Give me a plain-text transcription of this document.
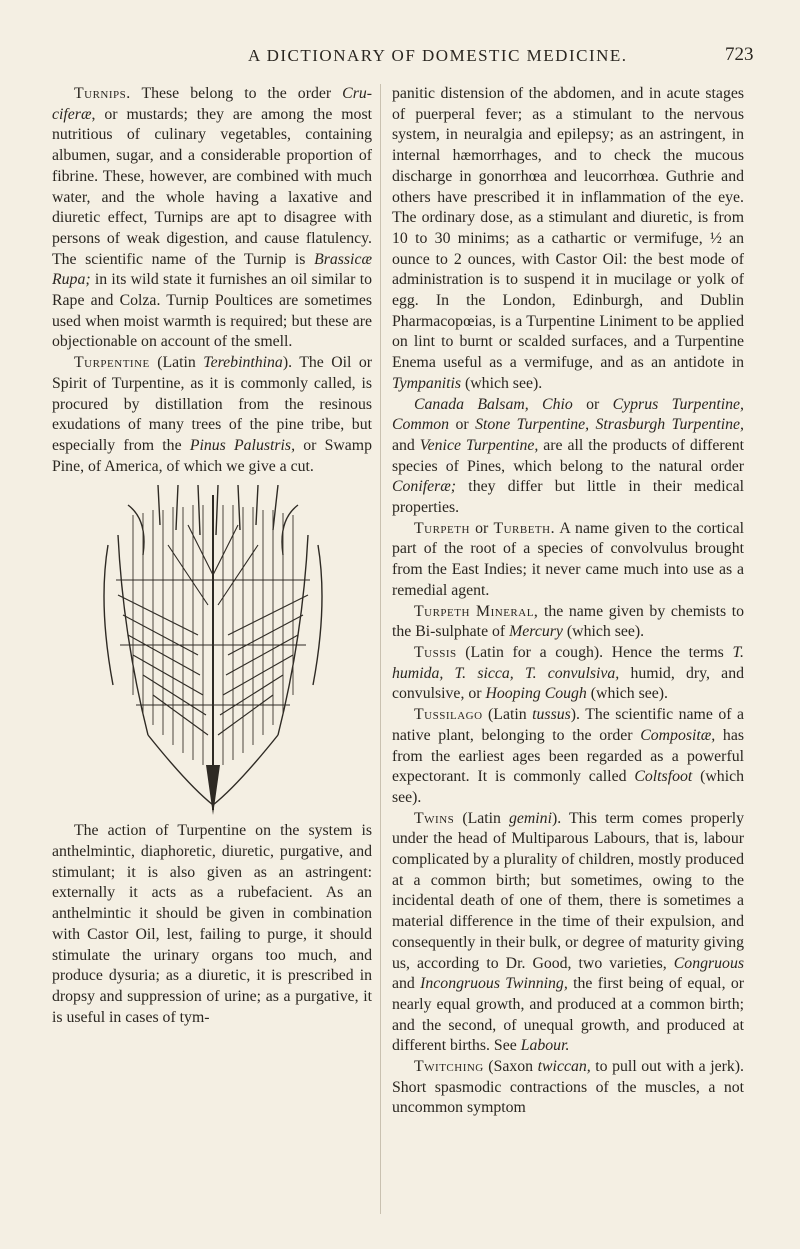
A DICTIONARY OF DOMESTIC MEDICINE.	723

Turnips. These belong to the order Cru-ciferæ, or mustards; they are among the most nutritious of culinary vegetables, containing albumen, sugar, and a considerable proportion of fibrine. These, however, are combined with much water, and the whole having a laxative and diuretic effect, Turnips are apt to disagree with persons of weak digestion, and cause flatulency. The scientific name of the Turnip is Brassicæ Rupa; in its wild state it furnishes an oil similar to Rape and Colza. Turnip Poultices are sometimes used when moist warmth is required; but these are objectionable on account of the smell.

Turpentine (Latin Terebinthina). The Oil or Spirit of Turpentine, as it is commonly called, is procured by distillation from the resinous exudations of many trees of the pine tribe, but especially from the Pinus Palustris, or Swamp Pine, of America, of which we give a cut.

The action of Turpentine on the system is anthelmintic, diaphoretic, diuretic, purgative, and stimulant; it is also given as an astringent: externally it acts as a rubefacient. As an anthelmintic it should be given in combination with Castor Oil, lest, failing to purge, it should stimulate the urinary organs too much, and produce dysuria; as a diuretic, it is prescribed in dropsy and suppression of urine; as a purgative, it is useful in cases of tym-

panitic distension of the abdomen, and in acute stages of puerperal fever; as a stimulant to the nervous system, in neuralgia and epilepsy; as an astringent, in internal hæmorrhages, and to check the mucous discharge in gonorrhœa and leucorrhœa. Guthrie and others have prescribed it in inflammation of the eye. The ordinary dose, as a stimulant and diuretic, is from 10 to 30 minims; as a cathartic or vermifuge, ½ an ounce to 2 ounces, with Castor Oil: the best mode of administration is to suspend it in mucilage or yolk of egg. In the London, Edinburgh, and Dublin Pharmacopœias, is a Turpentine Liniment to be applied on lint to burnt or scalded surfaces, and a Turpentine Enema useful as a vermifuge, and as an antidote in Tympanitis (which see).

Canada Balsam, Chio or Cyprus Turpentine, Common or Stone Turpentine, Strasburgh Turpentine, and Venice Turpentine, are all the products of different species of Pines, which belong to the natural order Coniferæ; they differ but little in their medical properties.

Turpeth or Turbeth. A name given to the cortical part of the root of a species of convolvulus brought from the East Indies; it never came much into use as a remedial agent.

Turpeth Mineral, the name given by chemists to the Bi-sulphate of Mercury (which see).

Tussis (Latin for a cough). Hence the terms T. humida, T. sicca, T. convulsiva, humid, dry, and convulsive, or Hooping Cough (which see).

Tussilago (Latin tussus). The scientific name of a native plant, belonging to the order Compositæ, has from the earliest ages been regarded as a powerful expectorant. It is commonly called Coltsfoot (which see).

Twins (Latin gemini). This term comes properly under the head of Multiparous Labours, that is, labour complicated by a plurality of children, mostly produced at a common birth; but sometimes, owing to the incidental death of one of them, there is sometimes a material difference in the time of their expulsion, and consequently in their bulk, or degree of maturity giving us, according to Dr. Good, two varieties, Congruous and Incongruous Twinning, the first being of equal, or nearly equal growth, and produced at a common birth; and the second, of unequal growth, and produced at different births. See Labour.

Twitching (Saxon twiccan, to pull out with a jerk). Short spasmodic contractions of the muscles, a not uncommon symptom
